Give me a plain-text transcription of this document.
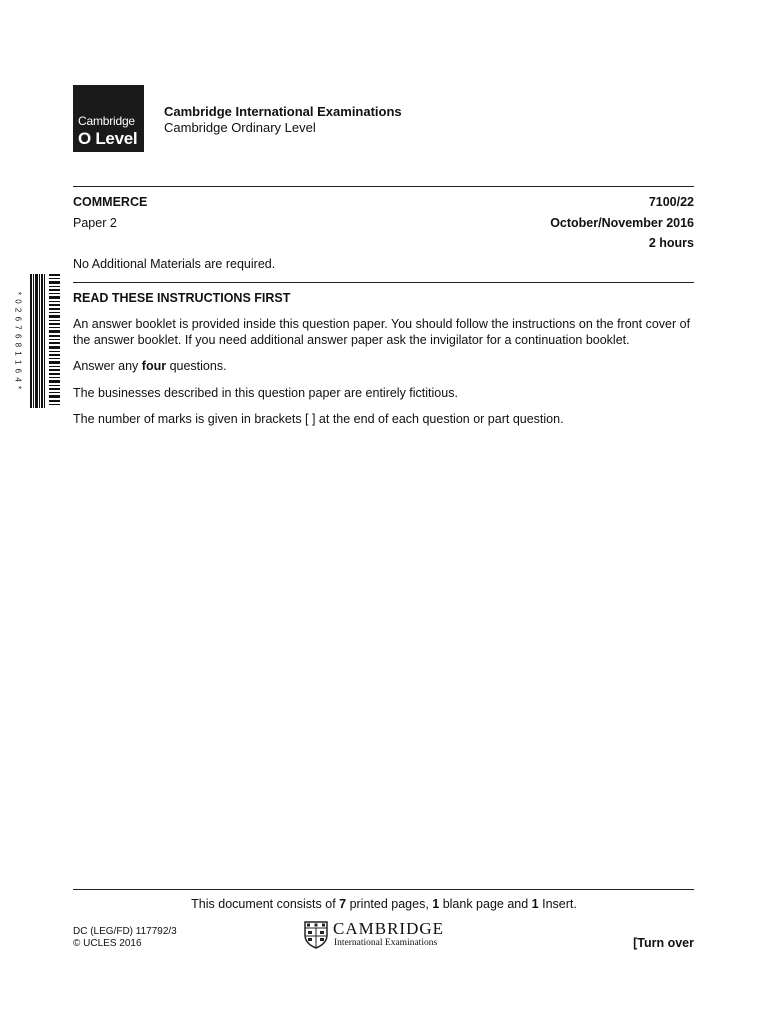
Cambridge
O Level
Cambridge International Examinations
Cambridge Ordinary Level
COMMERCE	7100/22
Paper 2	October/November 2016
2 hours
No Additional Materials are required.
* 0 2 6 7 6 8 1 1 6 4 *	READ THESE INSTRUCTIONS FIRST
An answer booklet is provided inside this question paper. You should follow the instructions on the front cover of the answer booklet. If you need additional answer paper ask the invigilator for a continuation booklet.
Answer any four questions.
The businesses described in this question paper are entirely fictitious.
The number of marks is given in brackets [ ] at the end of each question or part question.
This document consists of 7 printed pages, 1 blank page and 1 Insert.
DC (LEG/FD) 117792/3
© UCLES 2016
CAMBRIDGE
International Examinations	[Turn over
